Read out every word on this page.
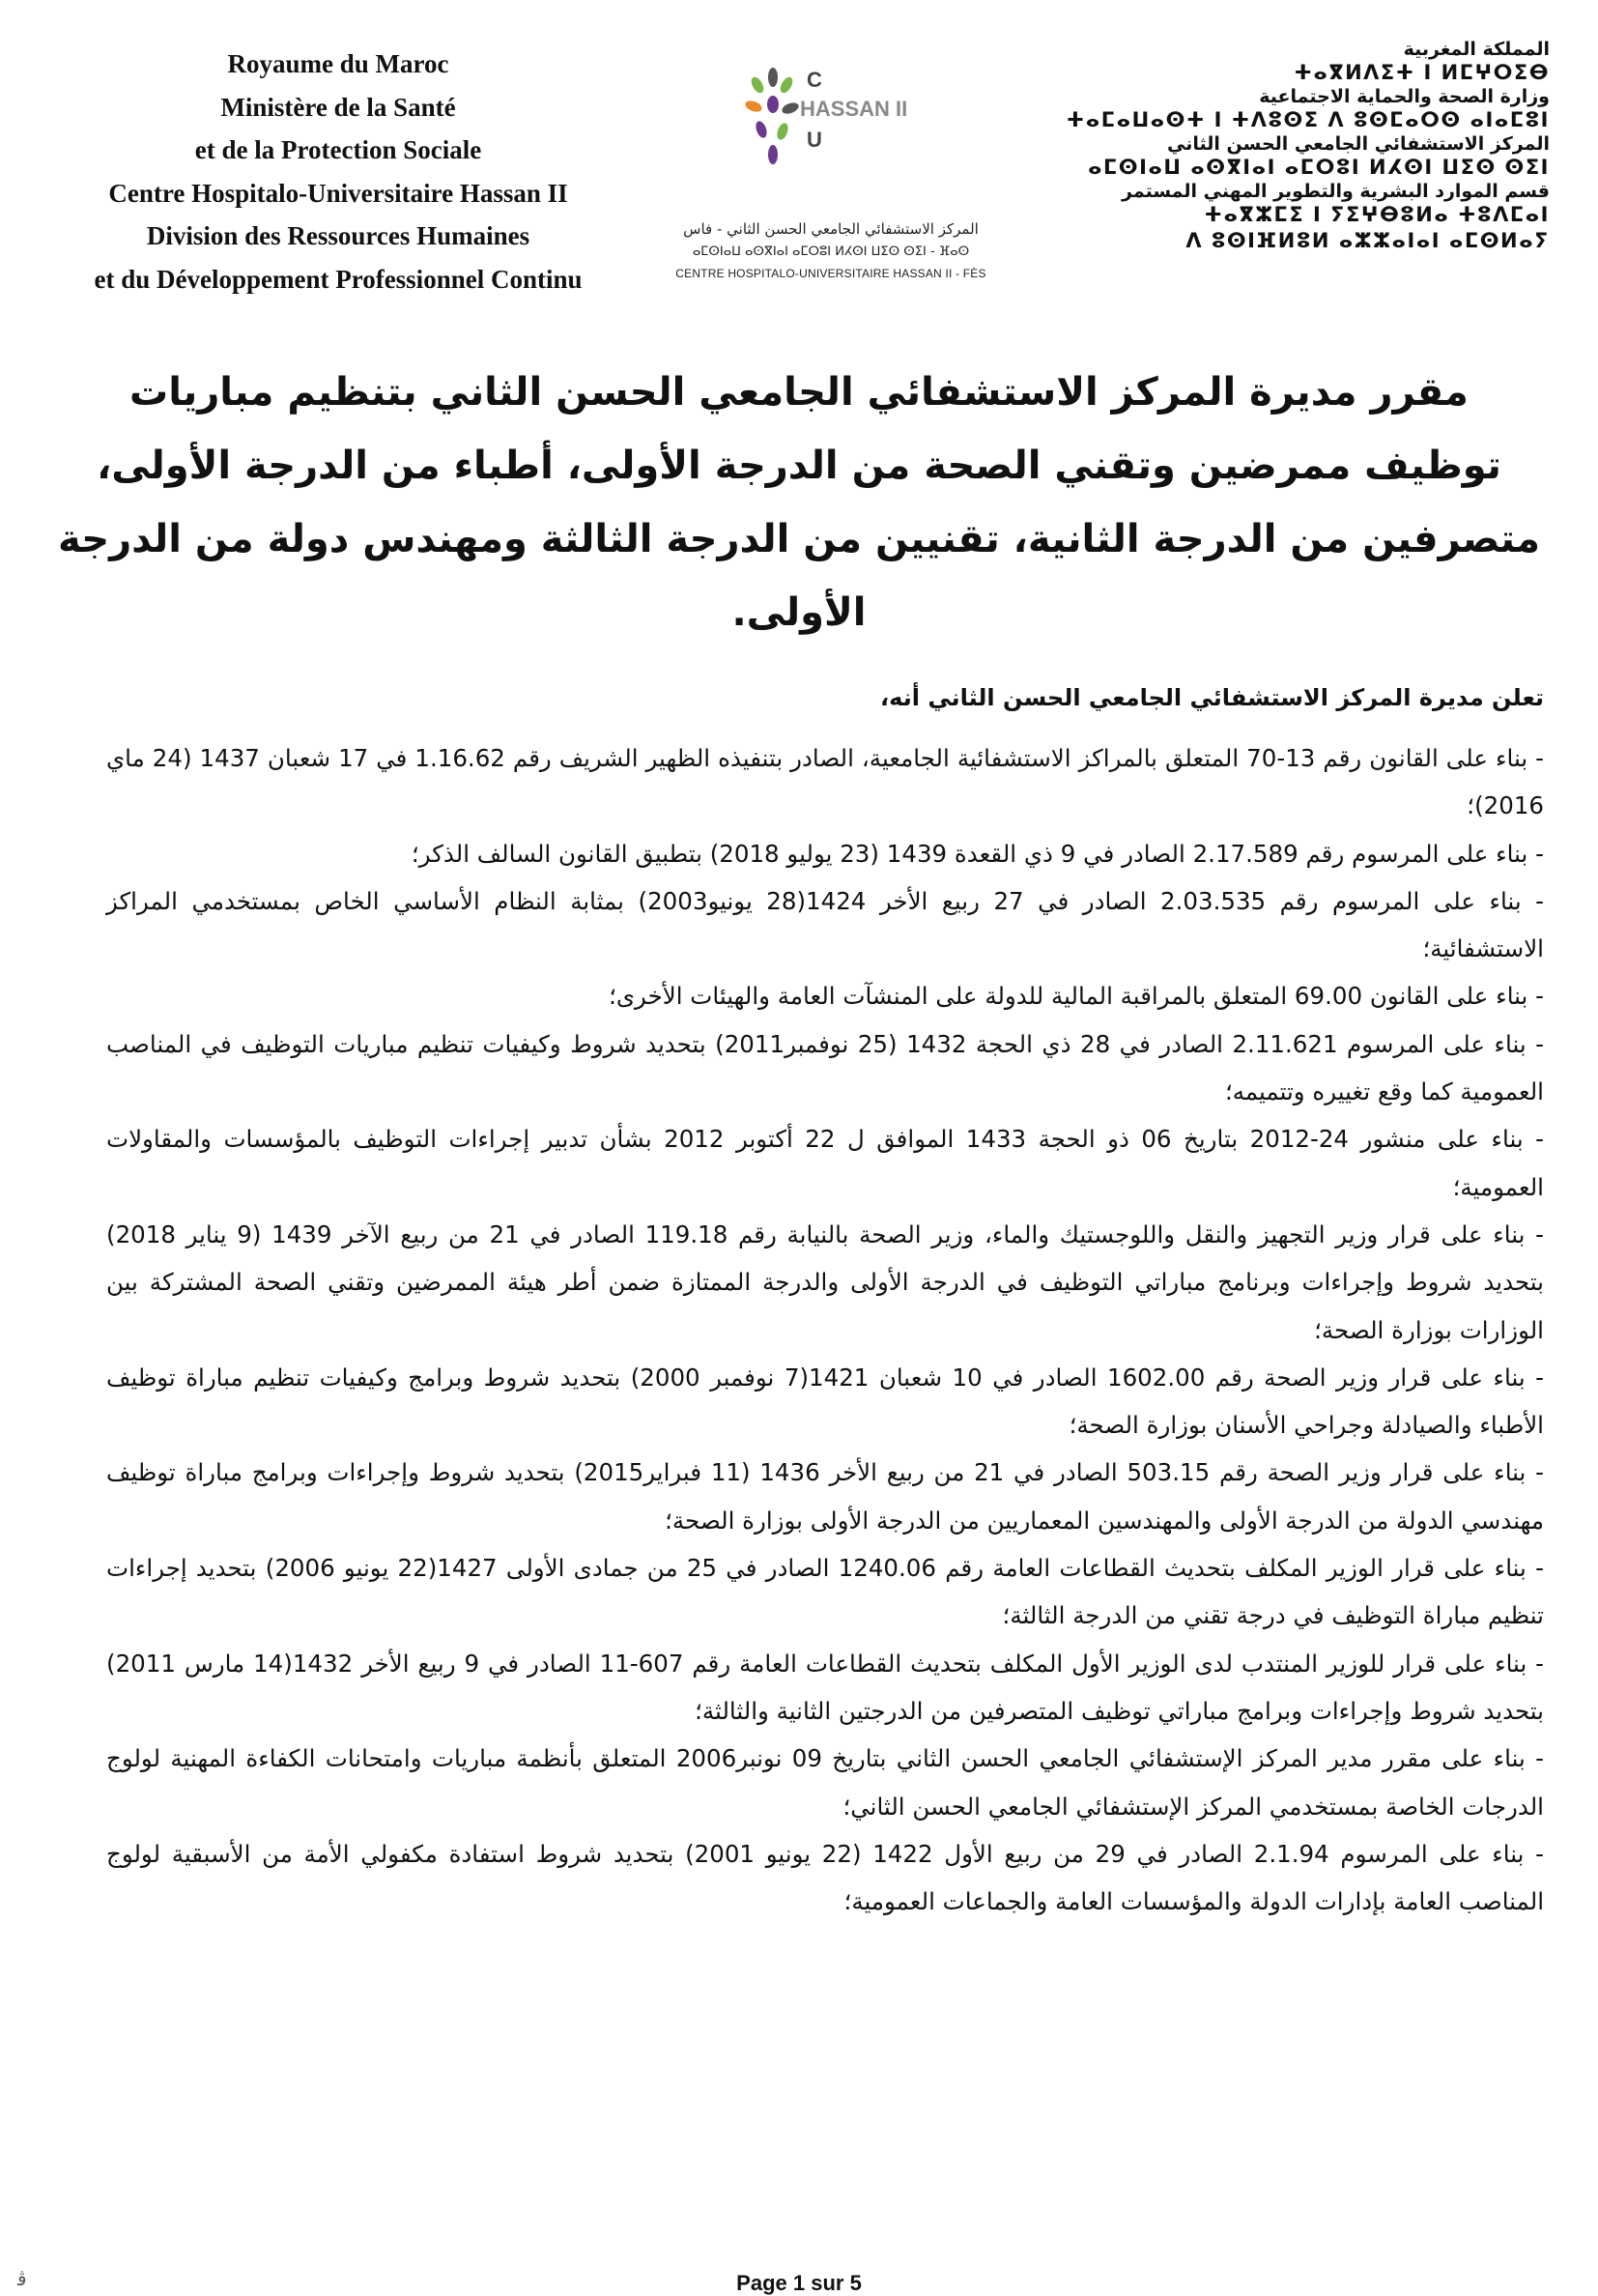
Royaume du Maroc
Ministère de la Santé
et de la Protection Sociale
Centre Hospitalo-Universitaire Hassan II
Division des Ressources Humaines
et du Développement Professionnel Continu
C
HASSAN II
U
المركز الاستشفائي الجامعي الحسن الثاني - فاس
ⴰⵎⵙⵏⴰⵡ ⴰⵙⴳⵏⴰⵏ ⴰⵎⵔⵓⵏ ⵍⵃⵙⵏ ⵡⵉⵙ ⵙⵉⵏ - ⴼⴰⵙ
CENTRE HOSPITALO-UNIVERSITAIRE HASSAN II - FÈS
المملكة المغربية
ⵜⴰⴳⵍⴷⵉⵜ ⵏ ⵍⵎⵖⵔⵉⴱ
وزارة الصحة والحماية الاجتماعية
ⵜⴰⵎⴰⵡⴰⵙⵜ ⵏ ⵜⴷⵓⵙⵉ ⴷ ⵓⵙⵎⴰⵔⵙ ⴰⵏⴰⵎⵓⵏ
المركز الاستشفائي الجامعي الحسن الثاني
ⴰⵎⵙⵏⴰⵡ ⴰⵙⴳⵏⴰⵏ ⴰⵎⵔⵓⵏ ⵍⵃⵙⵏ ⵡⵉⵙ ⵙⵉⵏ
قسم الموارد البشرية والتطوير المهني المستمر
ⵜⴰⴳⵣⵎⵉ ⵏ ⵢⵉⵖⴱⵓⵍⴰ ⵜⵓⴷⵎⴰⵏ
ⴷ ⵓⵙⵏⴼⵍⵓⵍ ⴰⵣⵣⴰⵏⴰⵏ ⴰⵎⵙⵍⴰⵢ
مقرر مديرة المركز الاستشفائي الجامعي الحسن الثاني بتنظيم مباريات توظيف ممرضين وتقني الصحة من الدرجة الأولى، أطباء من الدرجة الأولى، متصرفين من الدرجة الثانية، تقنيين من الدرجة الثالثة ومهندس دولة من الدرجة الأولى.
تعلن مديرة المركز الاستشفائي الجامعي الحسن الثاني أنه،

- بناء على القانون رقم 13-70 المتعلق بالمراكز الاستشفائية الجامعية، الصادر بتنفيذه الظهير الشريف رقم 1.16.62 في 17 شعبان 1437 (24 ماي 2016)؛

- بناء على المرسوم رقم 2.17.589 الصادر في 9 ذي القعدة 1439 (23 يوليو 2018) بتطبيق القانون السالف الذكر؛

- بناء على المرسوم رقم 2.03.535 الصادر في 27 ربيع الأخر 1424(28 يونيو2003) بمثابة النظام الأساسي الخاص بمستخدمي المراكز الاستشفائية؛

- بناء على القانون 69.00 المتعلق بالمراقبة المالية للدولة على المنشآت العامة والهيئات الأخرى؛

- بناء على المرسوم 2.11.621 الصادر في 28 ذي الحجة 1432 (25 نوفمبر2011) بتحديد شروط وكيفيات تنظيم مباريات التوظيف في المناصب العمومية كما وقع تغييره وتتميمه؛

- بناء على منشور 24-2012 بتاريخ 06 ذو الحجة 1433 الموافق ل 22 أكتوبر 2012 بشأن تدبير إجراءات التوظيف بالمؤسسات والمقاولات العمومية؛

- بناء على قرار وزير التجهيز والنقل واللوجستيك والماء، وزير الصحة بالنيابة رقم 119.18 الصادر في 21 من ربيع الآخر 1439 (9 يناير 2018) بتحديد شروط وإجراءات وبرنامج مباراتي التوظيف في الدرجة الأولى والدرجة الممتازة ضمن أطر هيئة الممرضين وتقني الصحة المشتركة بين الوزارات بوزارة الصحة؛

- بناء على قرار وزير الصحة رقم 1602.00 الصادر في 10 شعبان 1421(7 نوفمبر 2000) بتحديد شروط وبرامج وكيفيات تنظيم مباراة توظيف الأطباء والصيادلة وجراحي الأسنان بوزارة الصحة؛

- بناء على قرار وزير الصحة رقم 503.15 الصادر في 21 من ربيع الأخر 1436 (11 فبراير2015) بتحديد شروط وإجراءات وبرامج مباراة توظيف مهندسي الدولة من الدرجة الأولى والمهندسين المعماريين من الدرجة الأولى بوزارة الصحة؛

- بناء على قرار الوزير المكلف بتحديث القطاعات العامة رقم 1240.06 الصادر في 25 من جمادى الأولى 1427(22 يونيو 2006) بتحديد إجراءات تنظيم مباراة التوظيف في درجة تقني من الدرجة الثالثة؛

- بناء على قرار للوزير المنتدب لدى الوزير الأول المكلف بتحديث القطاعات العامة رقم 607-11 الصادر في 9 ربيع الأخر 1432(14 مارس 2011) بتحديد شروط وإجراءات وبرامج مباراتي توظيف المتصرفين من الدرجتين الثانية والثالثة؛

- بناء على مقرر مدير المركز الإستشفائي الجامعي الحسن الثاني بتاريخ 09 نونبر2006 المتعلق بأنظمة مباريات وامتحانات الكفاءة المهنية لولوج الدرجات الخاصة بمستخدمي المركز الإستشفائي الجامعي الحسن الثاني؛

- بناء على المرسوم 2.1.94 الصادر في 29 من ربيع الأول 1422 (22 يونيو 2001) بتحديد شروط استفادة مكفولي الأمة من الأسبقية لولوج المناصب العامة بإدارات الدولة والمؤسسات العامة والجماعات العمومية؛

Page 1 sur 5
ﭬ
